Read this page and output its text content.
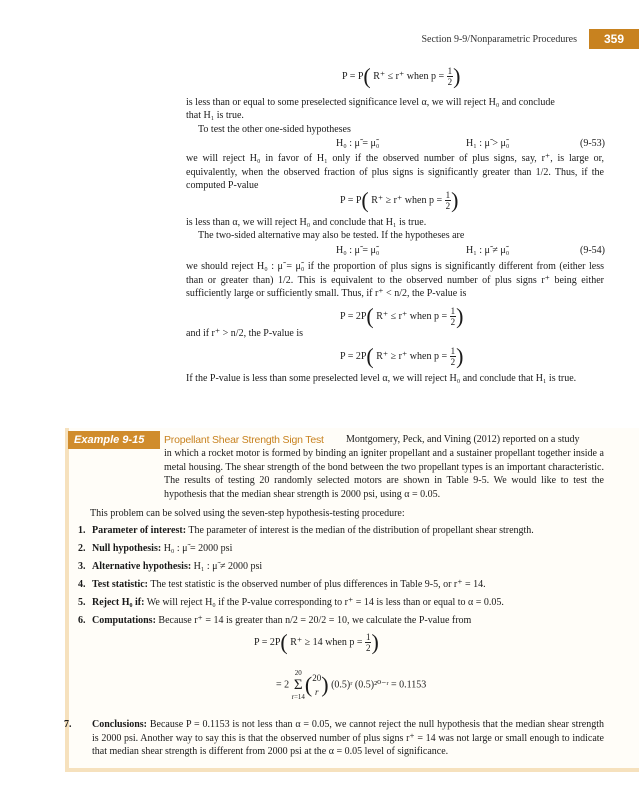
Section 9-9/Nonparametric Procedures	359
P = P( R⁺ ≤ r⁺ when $p = \frac{1}{2}$ )

is less than or equal to some preselected significance level α, we will reject H₀ and conclude

that H₁ is true.

To test the other one-sided hypotheses

H₀ : μ̃ = μ̃₀	H₁ : μ̃ > μ̃₀	(9-53)

we will reject H₀ in favor of H₁ only if the observed number of plus signs, say, r⁺, is large or, equivalently, when the observed fraction of plus signs is significantly greater than 1/2. Thus, if the computed P-value

P = P( R⁺ ≥ r⁺ when $p = \frac{1}{2}$ )

is less than α, we will reject H₀ and conclude that H₁ is true.

The two-sided alternative may also be tested. If the hypotheses are

H₀ : μ̃ = μ̃₀	H₁ : μ̃ ≠ μ̃₀	(9-54)

we should reject H₀ : μ̃ = μ̃₀ if the proportion of plus signs is significantly different from (either less than or greater than) 1/2. This is equivalent to the observed number of plus signs r⁺ being either sufficiently large or sufficiently small. Thus, if r⁺ < n/2, the P-value is

P = 2P( R⁺ ≤ r⁺ when $p = \frac{1}{2}$ )

and if r⁺ > n/2, the P-value is

P = 2P( R⁺ ≥ r⁺ when $p = \frac{1}{2}$ )

If the P-value is less than some preselected level α, we will reject H₀ and conclude that H₁ is true.

Example 9-15	Propellant Shear Strength Sign Test Montgomery, Peck, and Vining (2012) reported on a study

in which a rocket motor is formed by binding an igniter propellant and a sustainer propellant together inside a metal housing. The shear strength of the bond between the two propellant types is an important characteristic. The results of testing 20 randomly selected motors are shown in Table 9-5. We would like to test the hypothesis that the median shear strength is 2000 psi, using α = 0.05.

This problem can be solved using the seven-step hypothesis-testing procedure:

1. Parameter of interest: The parameter of interest is the median of the distribution of propellant shear strength.
2. Null hypothesis: H₀ : μ̃ = 2000 psi
3. Alternative hypothesis: H₁ : μ̃ ≠ 2000 psi
4. Test statistic: The test statistic is the observed number of plus differences in Table 9-5, or r⁺ = 14.
5. Reject H₀ if: We will reject H₀ if the P-value corresponding to r⁺ = 14 is less than or equal to α = 0.05.
6. Computations: Because r⁺ = 14 is greater than n/2 = 20/2 = 10, we calculate the P-value from
P = 2P( R⁺ ≥ 14 when $p = \frac{1}{2}$ )
= 2
20
Σ
r=14 ( 20
r ) (0.5)ʳ (0.5)²⁰⁻ʳ = 0.1153
7. Conclusions: Because P = 0.1153 is not less than α = 0.05, we cannot reject the null hypothesis that the median shear strength is 2000 psi. Another way to say this is that the observed number of plus signs r⁺ = 14 was not large or small enough to indicate that median shear strength is different from 2000 psi at the α = 0.05 level of significance.
